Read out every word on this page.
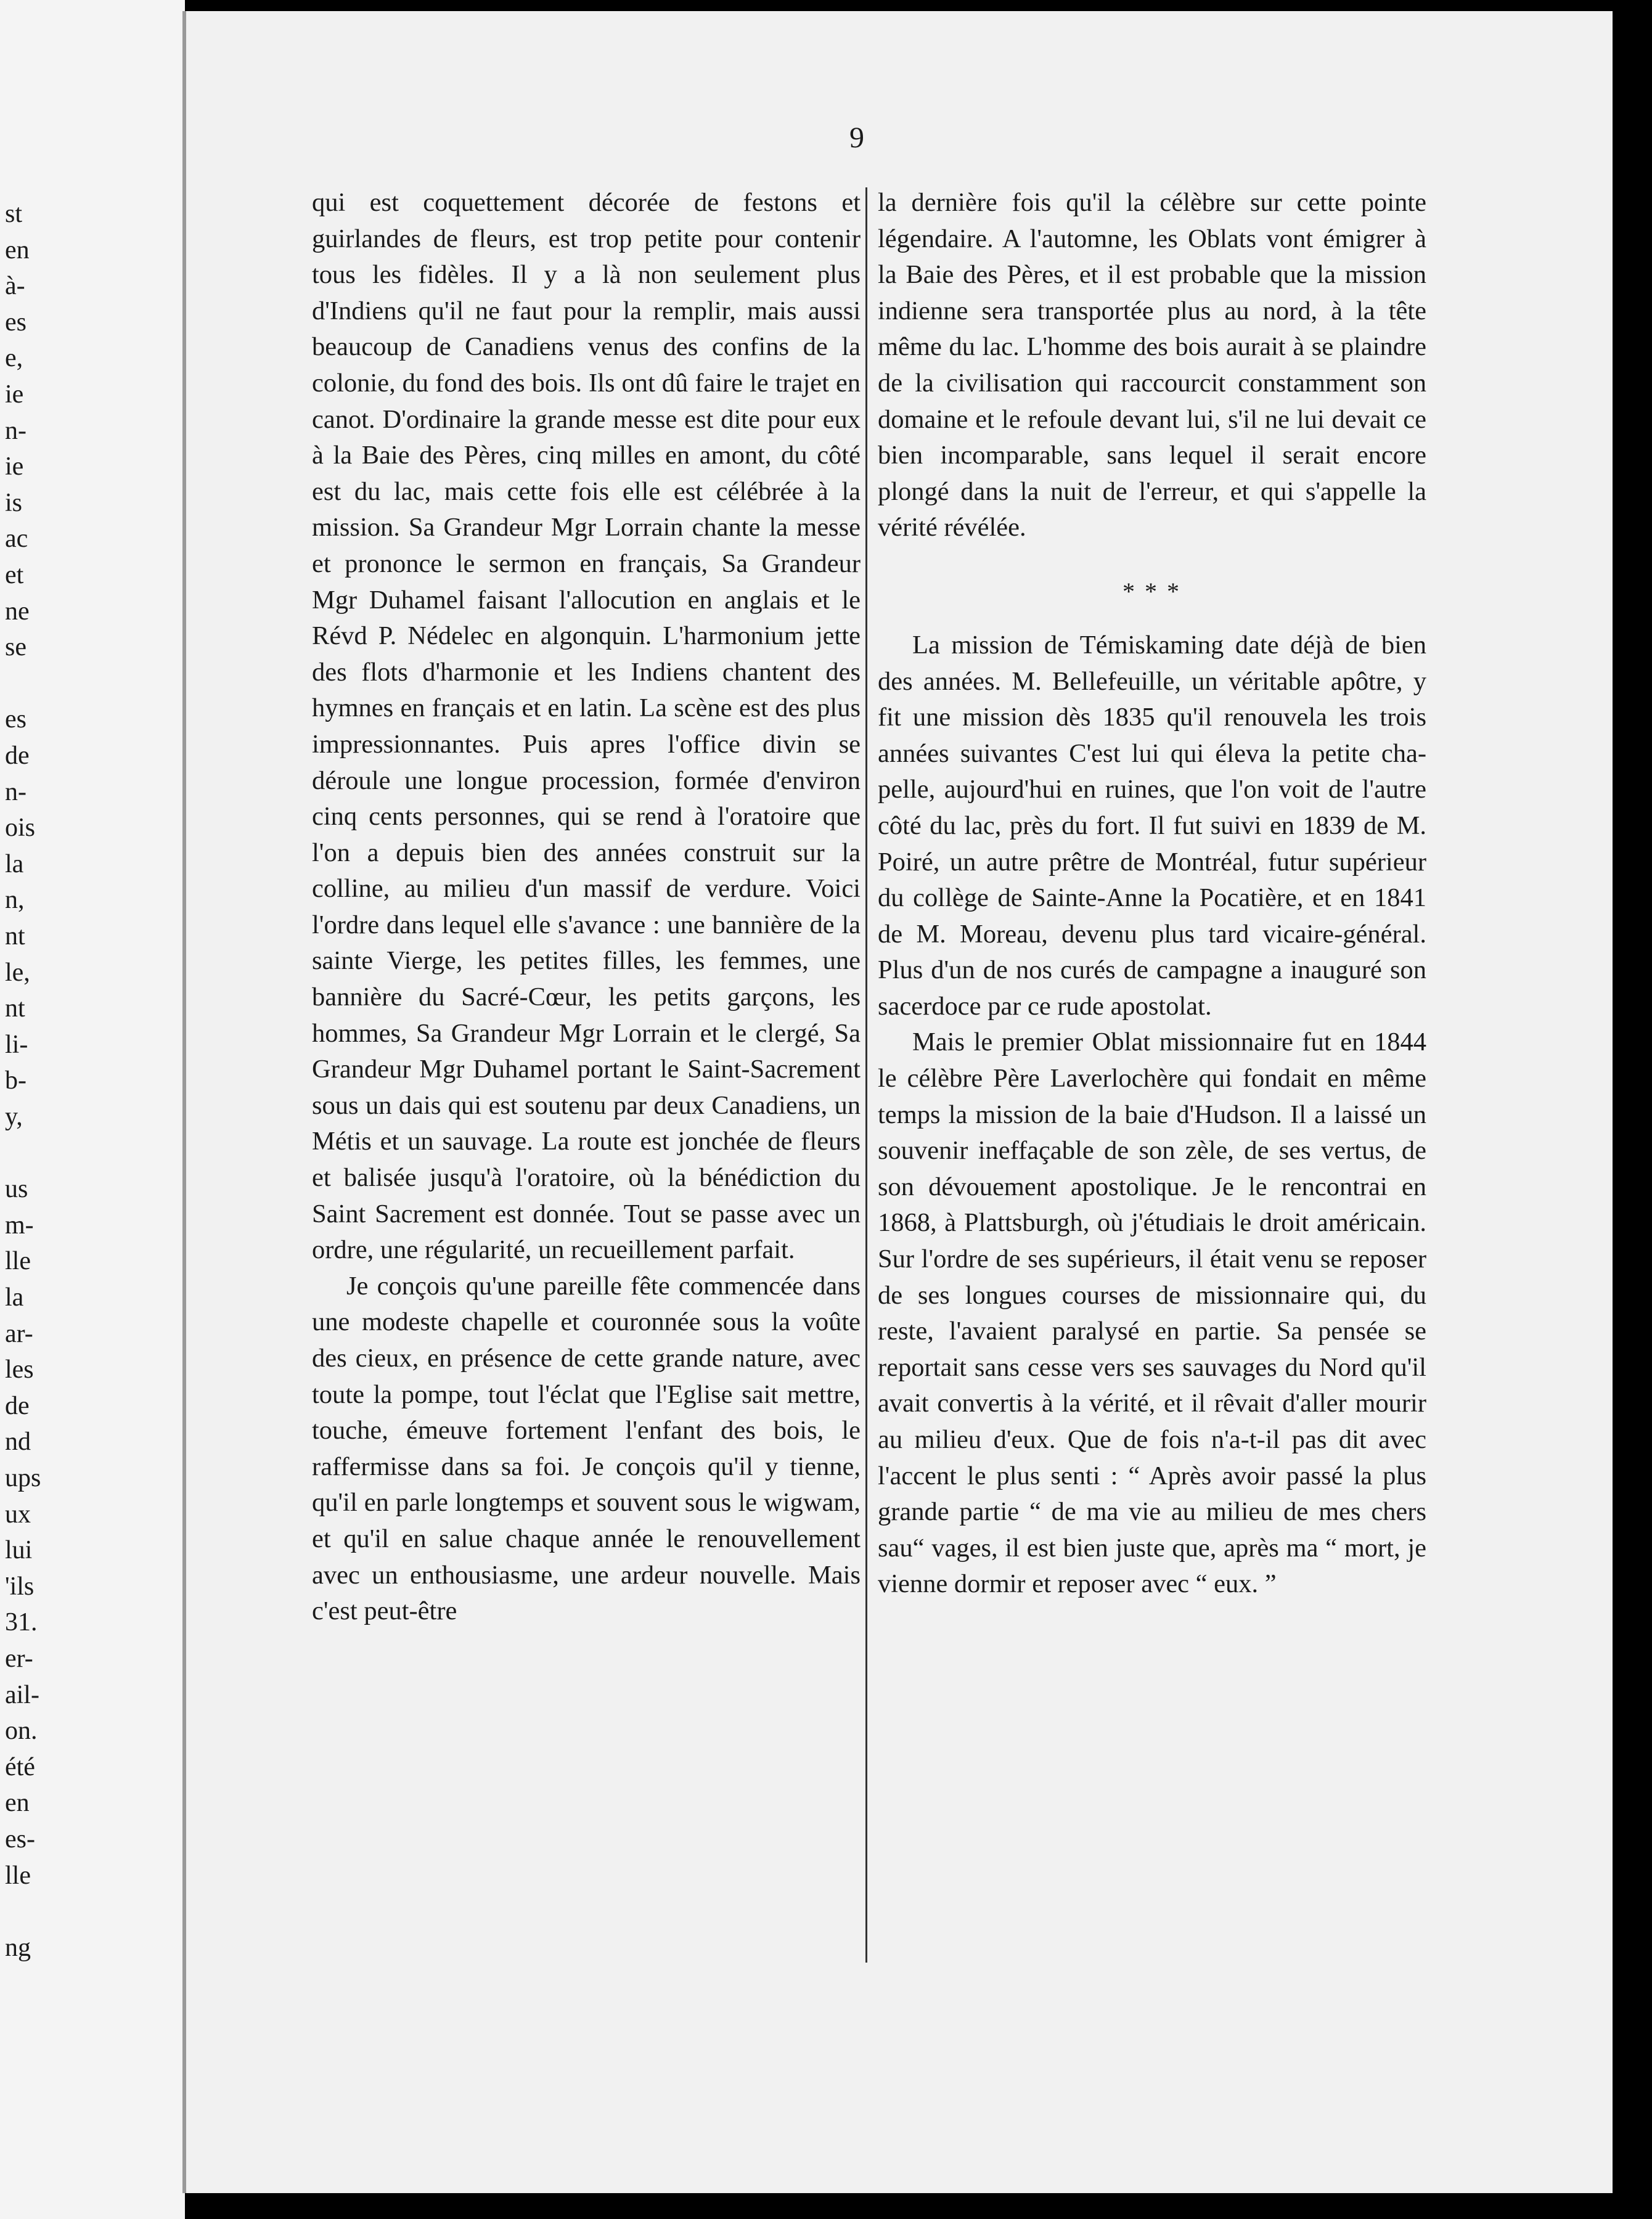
st
en
à-
es
e,
ie
n-
ie
is
ac
et
ne
se
es
de
n-
ois
la
n,
nt
le,
nt
li-
b-
y,
us
m-
lle
la
ar-
les
de
nd
ups
ux
lui
'ils
31.
er-
ail-
on.
été
en
es-
lle
ng
9

qui est coquettement décorée de festons et guirlandes de fleurs, est trop petite pour contenir tous les fidèles. Il y a là non seulement plus d'Indiens qu'il ne faut pour la remplir, mais aussi beaucoup de Canadiens venus des confins de la colonie, du fond des bois. Ils ont dû faire le trajet en canot. D'ordinaire la grande messe est dite pour eux à la Baie des Pères, cinq milles en amont, du côté est du lac, mais cette fois elle est célébrée à la mission. Sa Grandeur Mgr Lorrain chante la messe et prononce le sermon en français, Sa Grandeur Mgr Duhamel faisant l'allocution en anglais et le Révd P. Nédelec en algonquin. L'harmonium jette des flots d'harmonie et les Indiens chantent des hymnes en français et en latin. La scène est des plus impressionnantes. Puis apres l'office divin se déroule une longue procession, formée d'environ cinq cents personnes, qui se rend à l'oratoire que l'on a depuis bien des années construit sur la colline, au milieu d'un massif de verdure. Voici l'ordre dans lequel elle s'avance : une bannière de la sainte Vierge, les petites filles, les femmes, une bannière du Sacré-Cœur, les petits garçons, les hommes, Sa Grandeur Mgr Lorrain et le clergé, Sa Grandeur Mgr Duhamel portant le Saint-Sacrement sous un dais qui est soutenu par deux Canadiens, un Métis et un sauvage. La route est jonchée de fleurs et balisée jusqu'à l'oratoire, où la bénédiction du Saint Sacrement est donnée. Tout se passe avec un ordre, une régularité, un recueillement parfait.

Je conçois qu'une pareille fête commencée dans une modeste chapelle et couronnée sous la voûte des cieux, en présence de cette grande nature, avec toute la pompe, tout l'éclat que l'Eglise sait mettre, touche, émeuve fortement l'enfant des bois, le raffermisse dans sa foi. Je conçois qu'il y tienne, qu'il en parle longtemps et souvent sous le wigwam, et qu'il en salue chaque année le renouvellement avec un enthousiasme, une ardeur nouvelle. Mais c'est peut-être

la dernière fois qu'il la célèbre sur cette pointe légendaire. A l'automne, les Oblats vont émigrer à la Baie des Pères, et il est probable que la mission indienne sera transportée plus au nord, à la tête même du lac. L'homme des bois aurait à se plaindre de la civilisation qui raccourcit constamment son domaine et le refoule devant lui, s'il ne lui devait ce bien incomparable, sans lequel il serait encore plongé dans la nuit de l'erreur, et qui s'appelle la vérité révélée.

* * *

La mission de Témiskaming date déjà de bien des années. M. Bellefeuille, un véritable apôtre, y fit une mission dès 1835 qu'il renouvela les trois années suivantes C'est lui qui éleva la petite chapelle, aujourd'hui en ruines, que l'on voit de l'autre côté du lac, près du fort. Il fut suivi en 1839 de M. Poiré, un autre prêtre de Montréal, futur supérieur du collège de Sainte-Anne la Pocatière, et en 1841 de M. Moreau, devenu plus tard vicaire-général. Plus d'un de nos curés de campagne a inauguré son sacerdoce par ce rude apostolat.

Mais le premier Oblat missionnaire fut en 1844 le célèbre Père Laverlochère qui fondait en même temps la mission de la baie d'Hudson. Il a laissé un souvenir ineffaçable de son zèle, de ses vertus, de son dévouement apostolique. Je le rencontrai en 1868, à Plattsburgh, où j'étudiais le droit américain. Sur l'ordre de ses supérieurs, il était venu se reposer de ses longues courses de missionnaire qui, du reste, l'avaient paralysé en partie. Sa pensée se reportait sans cesse vers ses sauvages du Nord qu'il avait convertis à la vérité, et il rêvait d'aller mourir au milieu d'eux. Que de fois n'a-t-il pas dit avec l'accent le plus senti : “ Après avoir passé la plus grande partie “ de ma vie au milieu de mes chers sau“ vages, il est bien juste que, après ma “ mort, je vienne dormir et reposer avec “ eux. ”
